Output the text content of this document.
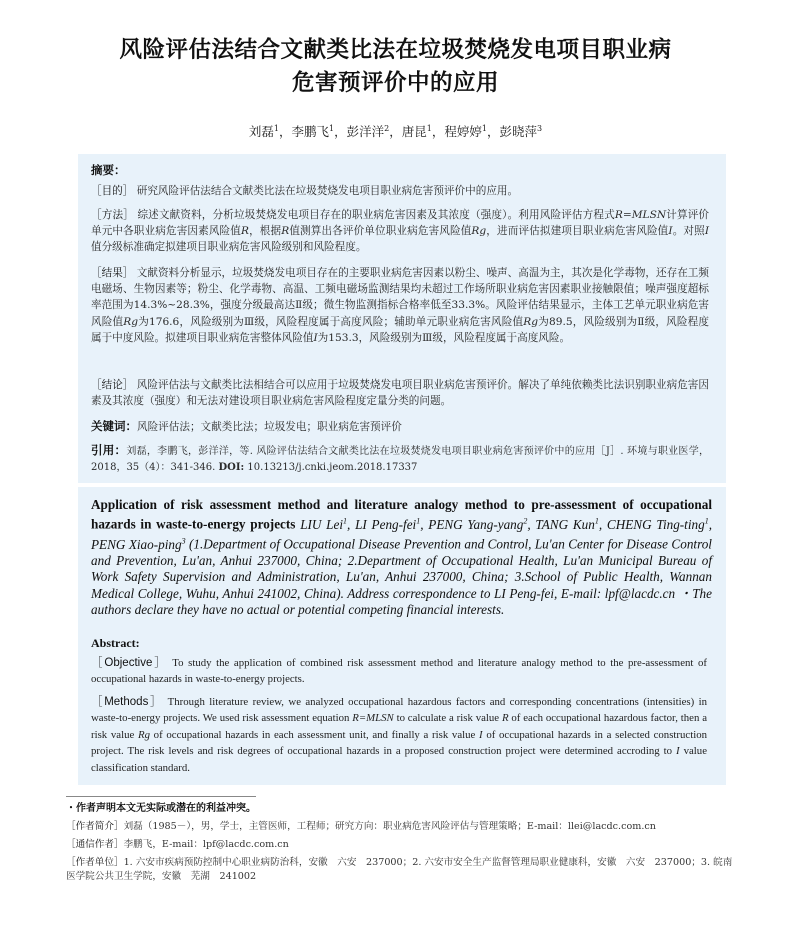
风险评估法结合文献类比法在垃圾焚烧发电项目职业病
危害预评价中的应用
刘磊$^1$，李鹏飞$^1$，彭洋洋$^2$，唐昆$^1$，程婷婷$^1$，彭晓萍$^3$
摘要：
［目的］ 研究风险评估法结合文献类比法在垃圾焚烧发电项目职业病危害预评价中的应用。
［方法］ 综述文献资料，分析垃圾焚烧发电项目存在的职业病危害因素及其浓度（强度）。利用风险评估方程式R=MLSN计算评价单元中各职业病危害因素风险值R，根据R值测算出各评价单位职业病危害风险值Rg，进而评估拟建项目职业病危害风险值I。对照I值分级标准确定拟建项目职业病危害风险级别和风险程度。
［结果］ 文献资料分析显示，垃圾焚烧发电项目存在的主要职业病危害因素以粉尘、噪声、高温为主，其次是化学毒物，还存在工频电磁场、生物因素等；粉尘、化学毒物、高温、工频电磁场监测结果均未超过工作场所职业病危害因素职业接触限值；噪声强度超标率范围为14.3%~28.3%，强度分级最高达Ⅱ级；微生物监测指标合格率低至33.3%。风险评估结果显示，主体工艺单元职业病危害风险值Rg为176.6，风险级别为Ⅲ级，风险程度属于高度风险；辅助单元职业病危害风险值Rg为89.5，风险级别为Ⅱ级，风险程度属于中度风险。拟建项目职业病危害整体风险值I为153.3，风险级别为Ⅲ级，风险程度属于高度风险。
［结论］ 风险评估法与文献类比法相结合可以应用于垃圾焚烧发电项目职业病危害预评价。解决了单纯依赖类比法识别职业病危害因素及其浓度（强度）和无法对建设项目职业病危害风险程度定量分类的问题。
关键词：风险评估法；文献类比法；垃圾发电；职业病危害预评价
引用：刘磊，李鹏飞，彭洋洋，等. 风险评估法结合文献类比法在垃圾焚烧发电项目职业病危害预评价中的应用［J］. 环境与职业医学，2018，35（4）：341-346. DOI: 10.13213/j.cnki.jeom.2018.17337
Application of risk assessment method and literature analogy method to pre-assessment of occupational hazards in waste-to-energy projects LIU Lei$^1$, LI Peng-fei$^1$, PENG Yang-yang$^2$, TANG Kun$^1$, CHENG Ting-ting$^1$, PENG Xiao-ping$^3$ (1.Department of Occupational Disease Prevention and Control, Lu'an Center for Disease Control and Prevention, Lu'an, Anhui 237000, China; 2.Department of Occupational Health, Lu'an Municipal Bureau of Work Safety Supervision and Administration, Lu'an, Anhui 237000, China; 3.School of Public Health, Wannan Medical College, Wuhu, Anhui 241002, China). Address correspondence to LI Peng-fei, E-mail: lpf@lacdc.cn ・The authors declare they have no actual or potential competing financial interests.
Abstract:
［Objective］ To study the application of combined risk assessment method and literature analogy method to the pre-assessment of occupational hazards in waste-to-energy projects.
［Methods］ Through literature review, we analyzed occupational hazardous factors and corresponding concentrations (intensities) in waste-to-energy projects. We used risk assessment equation R=MLSN to calculate a risk value R of each occupational hazardous factor, then a risk value Rg of occupational hazards in each assessment unit, and finally a risk value I of occupational hazards in a selected construction project. The risk levels and risk degrees of occupational hazards in a proposed construction project were determined accroding to I value classification standard.
・作者声明本文无实际或潜在的利益冲突。
［作者简介］刘磊（1985－），男，学士，主管医师，工程师；研究方向：职业病危害风险评估与管理策略；E-mail：llei@lacdc.com.cn
［通信作者］李鹏飞，E-mail：lpf@lacdc.com.cn
［作者单位］1. 六安市疾病预防控制中心职业病防治科，安徽　六安　237000；2. 六安市安全生产监督管理局职业健康科，安徽　六安　237000；3. 皖南医学院公共卫生学院，安徽　芜湖　241002
